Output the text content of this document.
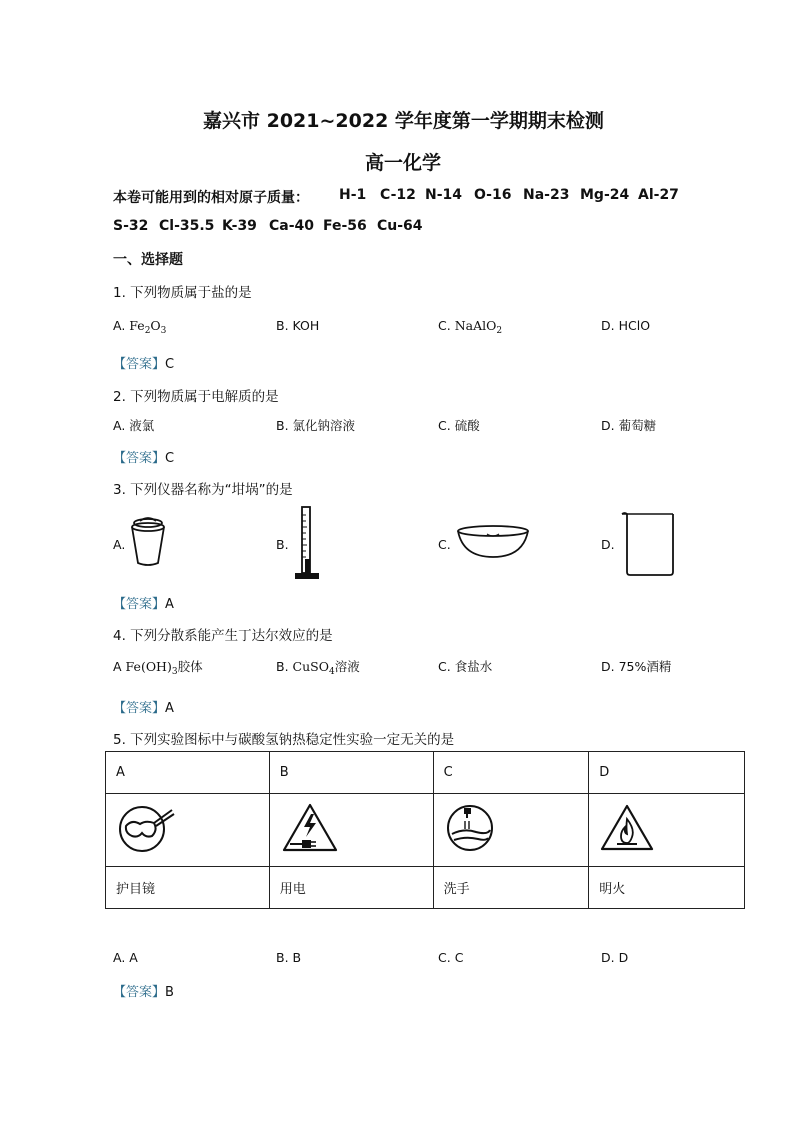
嘉兴市 2021~2022 学年度第一学期期末检测
高一化学
本卷可能用到的相对原子质量： H-1 C-12 N-14 O-16 Na-23 Mg-24 Al-27
S-32 Cl-35.5 K-39 Ca-40 Fe-56 Cu-64
一、选择题
1. 下列物质属于盐的是
A. $Fe_2O_3$	B. KOH	C. NaAlO$_2$	D. HClO
【答案】C
2. 下列物质属于电解质的是
A. 液氯	B. 氯化钠溶液	C. 硫酸	D. 葡萄糖
【答案】C
3. 下列仪器名称为“坩埚”的是
A.	B.	C.	D.
【答案】A
4. 下列分散系能产生丁达尔效应的是
A $Fe(OH)_3$胶体	B. CuSO$_4$溶液	C. 食盐水	D. 75%酒精
【答案】A
5. 下列实验图标中与碳酸氢钠热稳定性实验一定无关的是
A	B	C	D

护目镜	用电	洗手	明火
A. A	B. B	C. C	D. D
【答案】B
